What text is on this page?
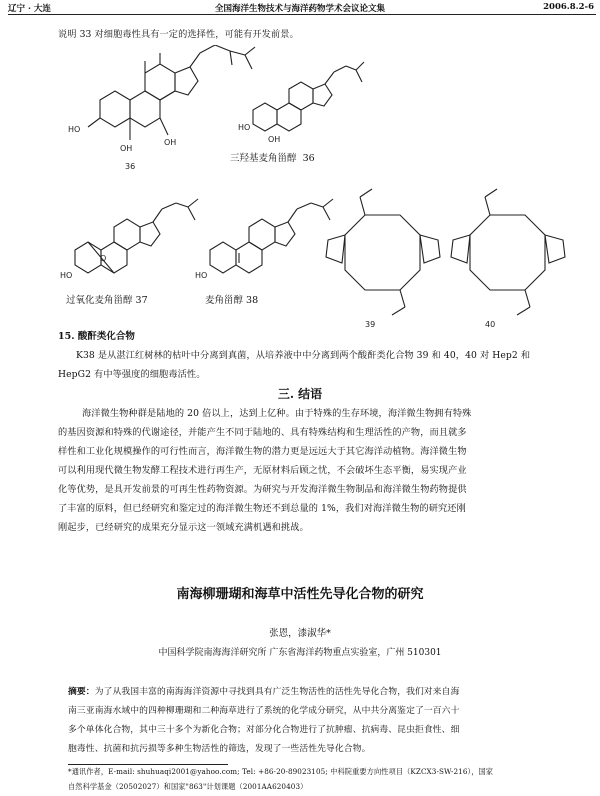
辽宁 · 大连	全国海洋生物技术与海洋药物学术会议论文集	2006.8.2-6
说明 33 对细胞毒性具有一定的选择性，可能有开发前景。
HO
OH
OH
36
HO
OH
三羟基麦角甾醇 36
O
HO
过氧化麦角甾醇 37
HO
麦角甾醇 38
39	40
15. 酸酐类化合物
K38 是从湛江红树林的枯叶中分离到真菌，从培养液中中分离到两个酸酐类化合物 39 和 40，40 对 Hep2 和 HepG2 有中等强度的细胞毒活性。
三. 结语
海洋微生物种群是陆地的 20 倍以上，达到上亿种。由于特殊的生存环境，海洋微生物拥有特殊
的基因资源和特殊的代谢途径，并能产生不同于陆地的、具有特殊结构和生理活性的产物，而且就多
样性和工业化规模操作的可行性而言，海洋微生物的潜力更是远远大于其它海洋动植物。海洋微生物
可以利用现代微生物发酵工程技术进行再生产，无原材料后顾之忧，不会破坏生态平衡，易实现产业
化等优势，是具开发前景的可再生性药物资源。为研究与开发海洋微生物制品和海洋微生物药物提供
了丰富的原料，但已经研究和鉴定过的海洋微生物还不到总量的 1%，我们对海洋微生物的研究还刚
刚起步，已经研究的成果充分显示这一领域充满机遇和挑战。
南海柳珊瑚和海草中活性先导化合物的研究
张恩，漆淑华*
中国科学院南海海洋研究所 广东省海洋药物重点实验室，广州 510301
摘要：为了从我国丰富的南海海洋资源中寻找到具有广泛生物活性的活性先导化合物，我们对来自海
南三亚南海水域中的四种柳珊瑚和二种海草进行了系统的化学成分研究，从中共分离鉴定了一百六十
多个单体化合物，其中三十多个为新化合物；对部分化合物进行了抗肿瘤、抗病毒、昆虫拒食性、细
胞毒性、抗菌和抗污损等多种生物活性的筛选，发现了一些活性先导化合物。
*通讯作者，E-mail: shuhuaqi2001@yahoo.com; Tel: +86-20-89023105; 中科院重要方向性项目（KZCX3-SW-216），国家
自然科学基金（20502027）和国家"863"计划课题（2001AA620403）
